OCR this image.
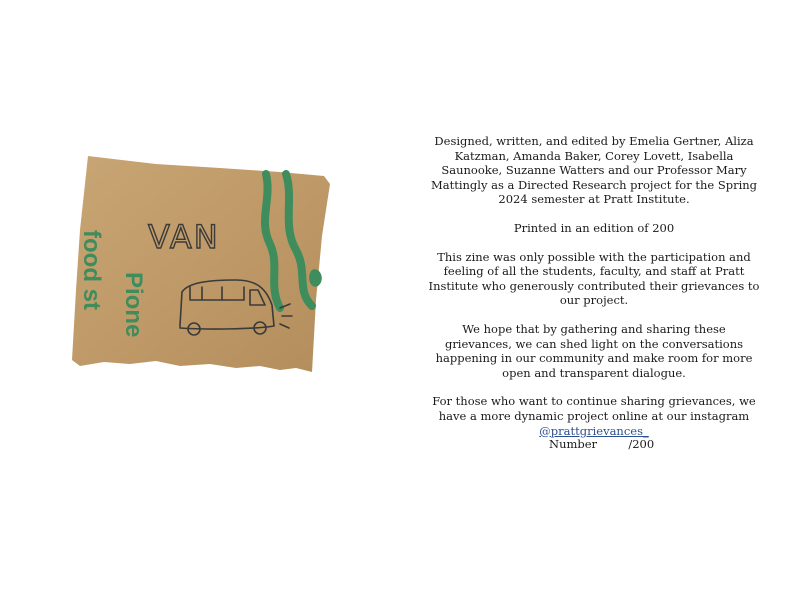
Pione
food st VAN

Designed, written, and edited by Emelia Gertner, Aliza Katzman, Amanda Baker, Corey Lovett, Isabella Saunooke, Suzanne Watters and our Professor Mary Mattingly as a Directed Research project for the Spring 2024 semester at Pratt Institute.

Printed in an edition of 200

This zine was only possible with the participation and feeling of all the students, faculty, and staff at Pratt Institute who generously contributed their grievances to our project.

We hope that by gathering and sharing these grievances, we can shed light on the conversations happening in our community and make room for more open and transparent dialogue.

For those who want to continue sharing grievances, we have a more dynamic project online at our instagram @prattgrievances_

Number	/200
